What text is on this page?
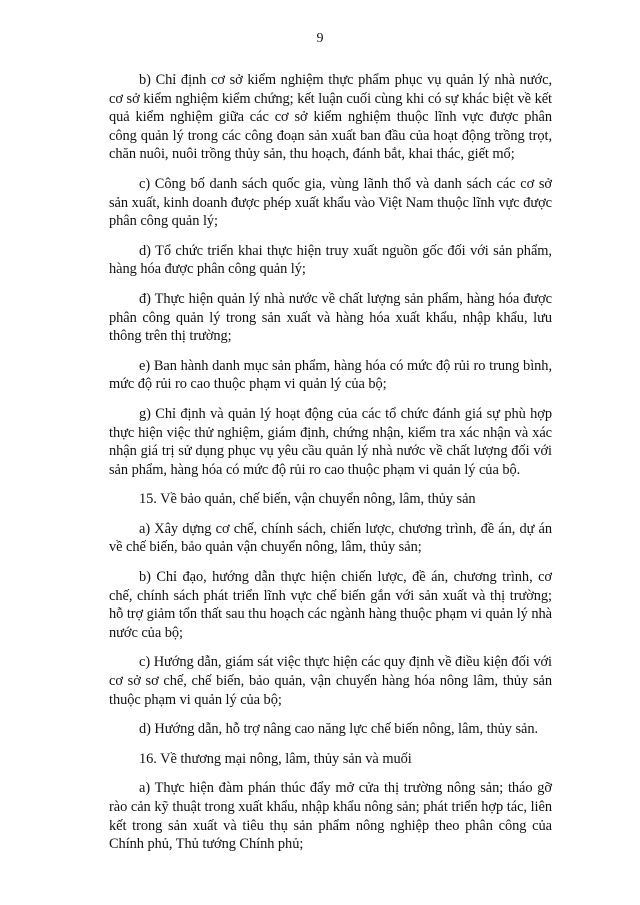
9

b) Chỉ định cơ sở kiểm nghiệm thực phẩm phục vụ quản lý nhà nước, cơ sở kiểm nghiệm kiểm chứng; kết luận cuối cùng khi có sự khác biệt về kết quả kiểm nghiệm giữa các cơ sở kiểm nghiệm thuộc lĩnh vực được phân công quản lý trong các công đoạn sản xuất ban đầu của hoạt động trồng trọt, chăn nuôi, nuôi trồng thủy sản, thu hoạch, đánh bắt, khai thác, giết mổ;

c) Công bố danh sách quốc gia, vùng lãnh thổ và danh sách các cơ sở sản xuất, kinh doanh được phép xuất khẩu vào Việt Nam thuộc lĩnh vực được phân công quản lý;

d) Tổ chức triển khai thực hiện truy xuất nguồn gốc đối với sản phẩm, hàng hóa được phân công quản lý;

đ) Thực hiện quản lý nhà nước về chất lượng sản phẩm, hàng hóa được phân công quản lý trong sản xuất và hàng hóa xuất khẩu, nhập khẩu, lưu thông trên thị trường;

e) Ban hành danh mục sản phẩm, hàng hóa có mức độ rủi ro trung bình, mức độ rủi ro cao thuộc phạm vi quản lý của bộ;

g) Chỉ định và quản lý hoạt động của các tổ chức đánh giá sự phù hợp thực hiện việc thử nghiệm, giám định, chứng nhận, kiểm tra xác nhận và xác nhận giá trị sử dụng phục vụ yêu cầu quản lý nhà nước về chất lượng đối với sản phẩm, hàng hóa có mức độ rủi ro cao thuộc phạm vi quản lý của bộ.

15. Về bảo quản, chế biến, vận chuyển nông, lâm, thủy sản

a) Xây dựng cơ chế, chính sách, chiến lược, chương trình, đề án, dự án về chế biến, bảo quản vận chuyển nông, lâm, thủy sản;

b) Chỉ đạo, hướng dẫn thực hiện chiến lược, đề án, chương trình, cơ chế, chính sách phát triển lĩnh vực chế biến gắn với sản xuất và thị trường; hỗ trợ giảm tổn thất sau thu hoạch các ngành hàng thuộc phạm vi quản lý nhà nước của bộ;

c) Hướng dẫn, giám sát việc thực hiện các quy định về điều kiện đối với cơ sở sơ chế, chế biến, bảo quản, vận chuyển hàng hóa nông lâm, thủy sản thuộc phạm vi quản lý của bộ;

d) Hướng dẫn, hỗ trợ nâng cao năng lực chế biến nông, lâm, thủy sản.

16. Về thương mại nông, lâm, thủy sản và muối

a) Thực hiện đàm phán thúc đẩy mở cửa thị trường nông sản; tháo gỡ rào cản kỹ thuật trong xuất khẩu, nhập khẩu nông sản; phát triển hợp tác, liên kết trong sản xuất và tiêu thụ sản phẩm nông nghiệp theo phân công của Chính phủ, Thủ tướng Chính phủ;
